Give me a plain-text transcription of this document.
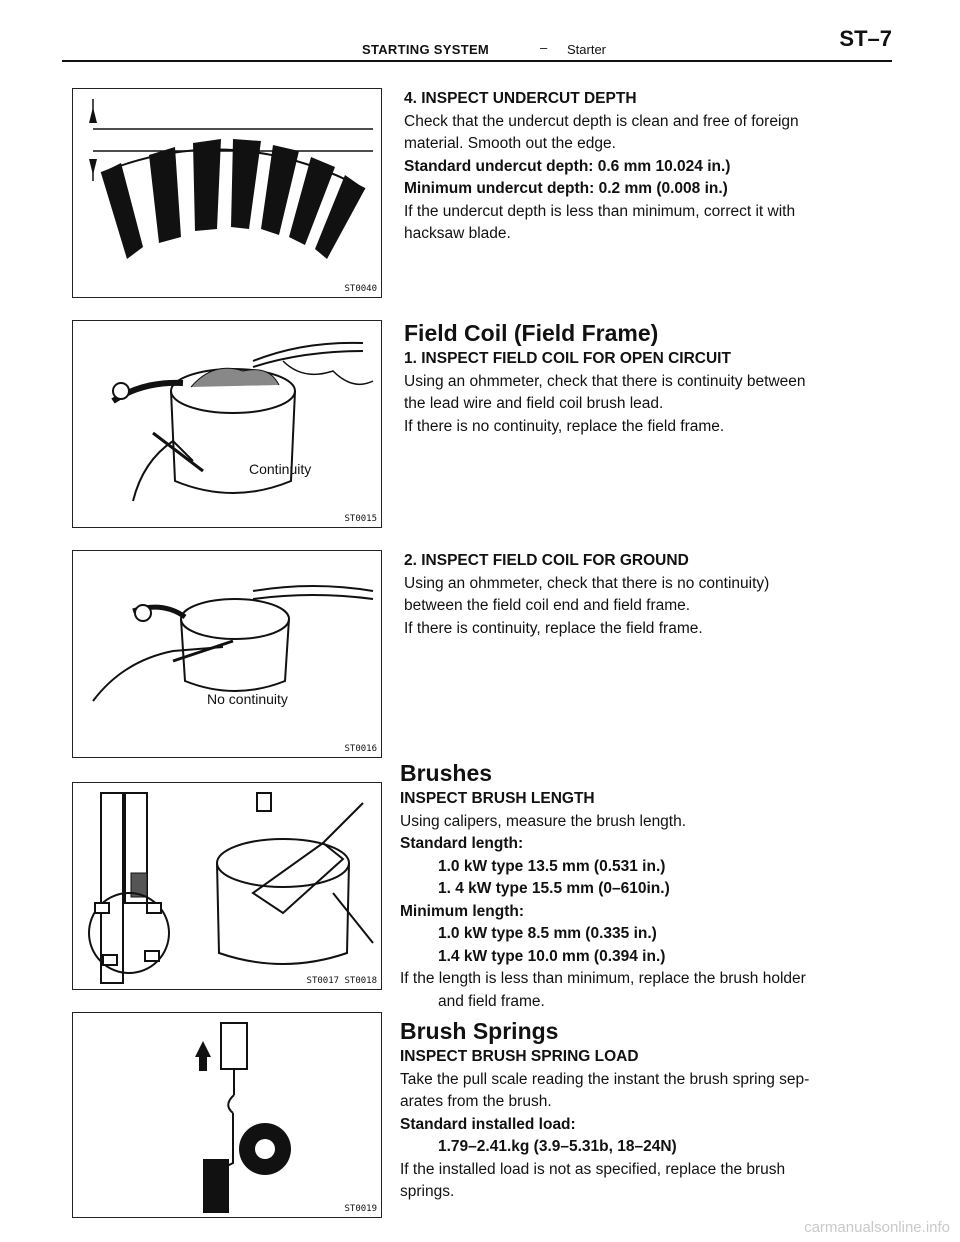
STARTING SYSTEM	– Starter	ST–7
ST0040

4. INSPECT UNDERCUT DEPTH

Check that the undercut depth is clean and free of foreign

material. Smooth out the edge.

Standard undercut depth: 0.6 mm 10.024 in.)

Minimum undercut depth: 0.2 mm (0.008 in.)

If the undercut depth is less than minimum, correct it with

hacksaw blade.

Continuity
ST0015

Field Coil (Field Frame)

1. INSPECT FIELD COIL FOR OPEN CIRCUIT

Using an ohmmeter, check that there is continuity between

the lead wire and field coil brush lead.

If there is no continuity, replace the field frame.

No continuity
ST0016

2. INSPECT FIELD COIL FOR GROUND

Using an ohmmeter, check that there is no continuity)

between the field coil end and field frame.

If there is continuity, replace the field frame.

ST0017 ST0018

Brushes

INSPECT BRUSH LENGTH

Using calipers, measure the brush length.

Standard length:

1.0 kW type 13.5 mm (0.531 in.)

1. 4 kW type 15.5 mm (0–610in.)

Minimum length:

1.0 kW type 8.5 mm (0.335 in.)

1.4 kW type 10.0 mm (0.394 in.)

If the length is less than minimum, replace the brush holder

and field frame.

ST0019

Brush Springs

INSPECT BRUSH SPRING LOAD

Take the pull scale reading the instant the brush spring sep-

arates from the brush.

Standard installed load:

1.79–2.41.kg (3.9–5.31b, 18–24N)

If the installed load is not as specified, replace the brush

springs.

carmanualsonline.info
